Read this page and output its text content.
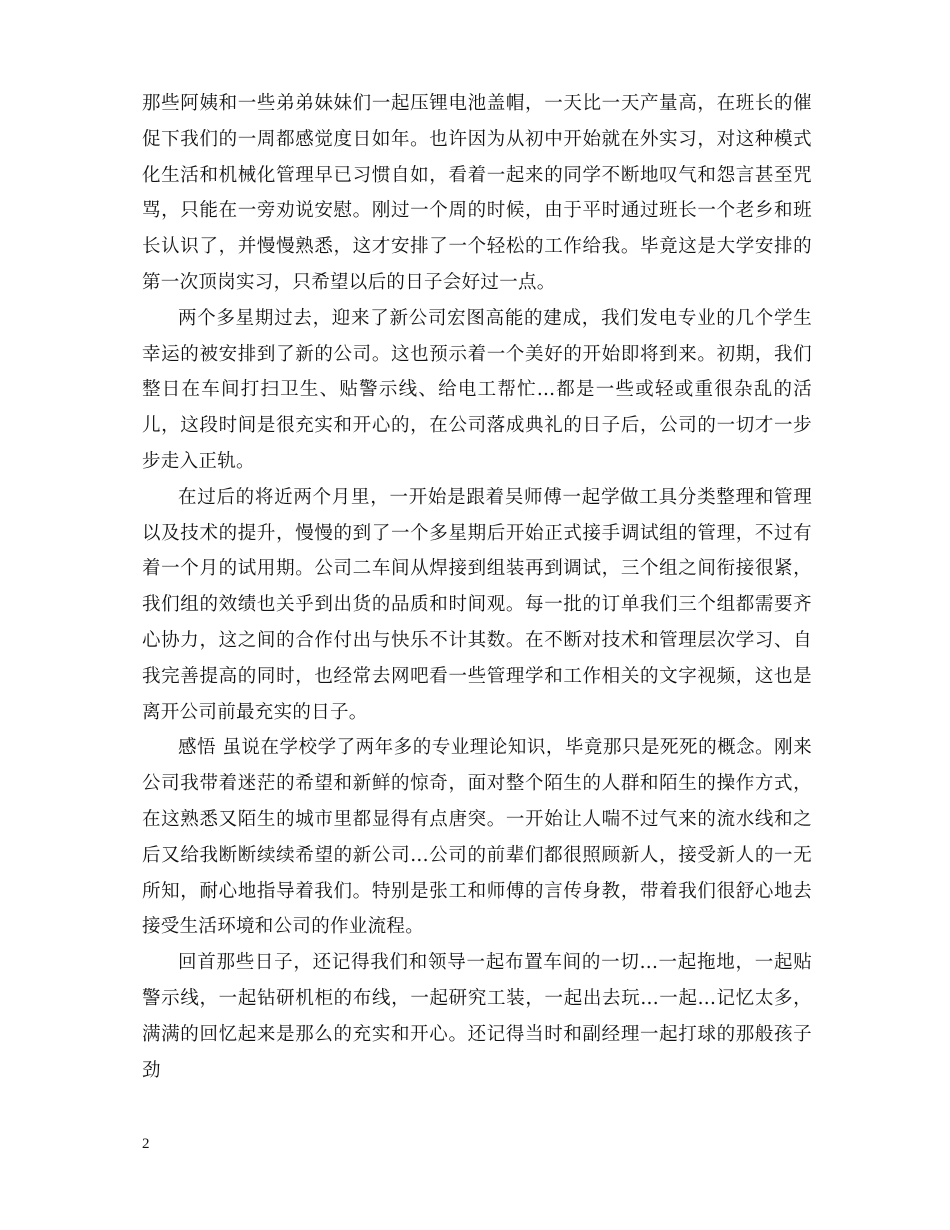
那些阿姨和一些弟弟妹妹们一起压锂电池盖帽，一天比一天产量高，在班长的催促下我们的一周都感觉度日如年。也许因为从初中开始就在外实习，对这种模式化生活和机械化管理早已习惯自如，看着一起来的同学不断地叹气和怨言甚至咒骂，只能在一旁劝说安慰。刚过一个周的时候，由于平时通过班长一个老乡和班长认识了，并慢慢熟悉，这才安排了一个轻松的工作给我。毕竟这是大学安排的第一次顶岗实习，只希望以后的日子会好过一点。

两个多星期过去，迎来了新公司宏图高能的建成，我们发电专业的几个学生幸运的被安排到了新的公司。这也预示着一个美好的开始即将到来。初期，我们整日在车间打扫卫生、贴警示线、给电工帮忙...都是一些或轻或重很杂乱的活儿，这段时间是很充实和开心的，在公司落成典礼的日子后，公司的一切才一步步走入正轨。

在过后的将近两个月里，一开始是跟着吴师傅一起学做工具分类整理和管理以及技术的提升，慢慢的到了一个多星期后开始正式接手调试组的管理，不过有着一个月的试用期。公司二车间从焊接到组装再到调试，三个组之间衔接很紧，我们组的效绩也关乎到出货的品质和时间观。每一批的订单我们三个组都需要齐心协力，这之间的合作付出与快乐不计其数。在不断对技术和管理层次学习、自我完善提高的同时，也经常去网吧看一些管理学和工作相关的文字视频，这也是离开公司前最充实的日子。

感悟 虽说在学校学了两年多的专业理论知识，毕竟那只是死死的概念。刚来公司我带着迷茫的希望和新鲜的惊奇，面对整个陌生的人群和陌生的操作方式，在这熟悉又陌生的城市里都显得有点唐突。一开始让人喘不过气来的流水线和之后又给我断断续续希望的新公司...公司的前辈们都很照顾新人，接受新人的一无所知，耐心地指导着我们。特别是张工和师傅的言传身教，带着我们很舒心地去接受生活环境和公司的作业流程。

回首那些日子，还记得我们和领导一起布置车间的一切...一起拖地，一起贴警示线，一起钻研机柜的布线，一起研究工装，一起出去玩...一起...记忆太多，满满的回忆起来是那么的充实和开心。还记得当时和副经理一起打球的那般孩子劲

2
